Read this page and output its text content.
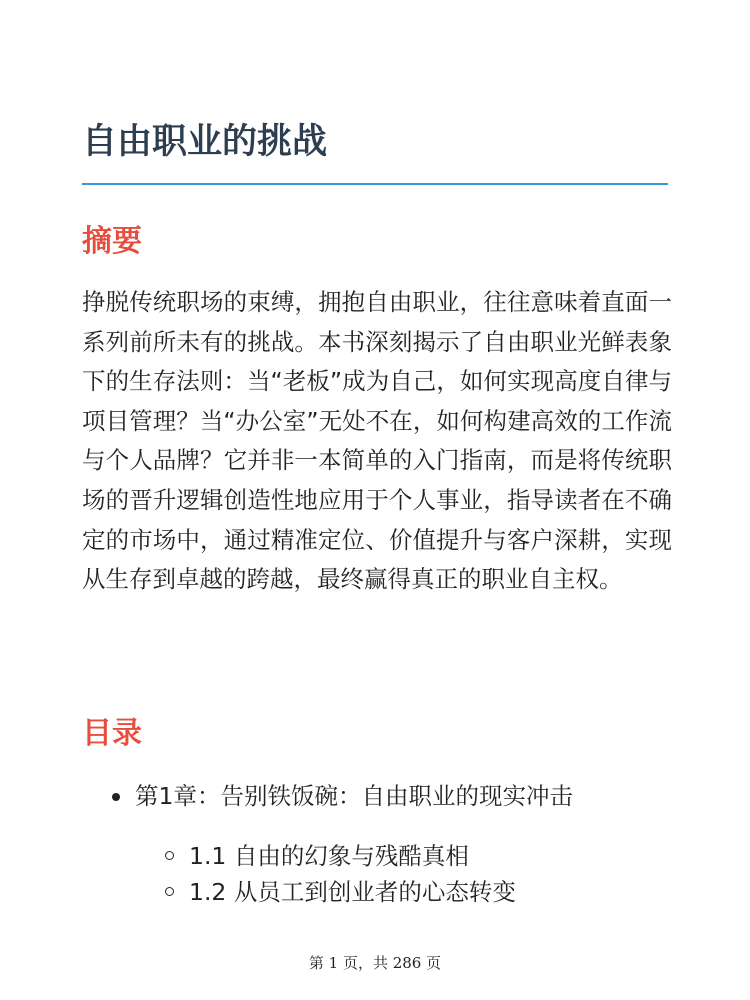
自由职业的挑战
摘要

挣脱传统职场的束缚，拥抱自由职业，往往意味着直面一系列前所未有的挑战。本书深刻揭示了自由职业光鲜表象下的生存法则：当“老板”成为自己，如何实现高度自律与项目管理？当“办公室”无处不在，如何构建高效的工作流与个人品牌？它并非一本简单的入门指南，而是将传统职场的晋升逻辑创造性地应用于个人事业，指导读者在不确定的市场中，通过精准定位、价值提升与客户深耕，实现从生存到卓越的跨越，最终赢得真正的职业自主权。

目录
第1章：告别铁饭碗：自由职业的现实冲击
1.1 自由的幻象与残酷真相
1.2 从员工到创业者的心态转变
第 1 页，共 286 页
